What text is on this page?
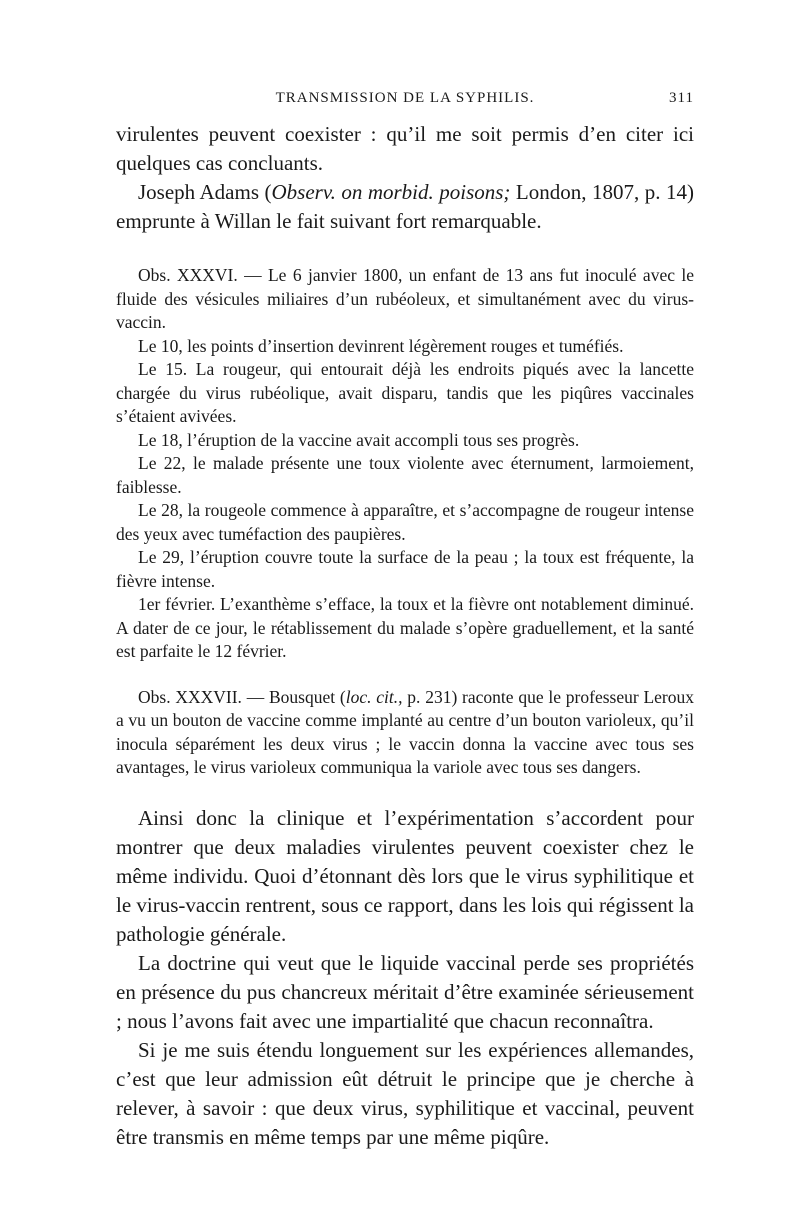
TRANSMISSION DE LA SYPHILIS.	311

virulentes peuvent coexister : qu’il me soit permis d’en citer ici quelques cas concluants.

Joseph Adams (Observ. on morbid. poisons; London, 1807, p. 14) emprunte à Willan le fait suivant fort remarquable.

Obs. XXXVI. — Le 6 janvier 1800, un enfant de 13 ans fut inoculé avec le fluide des vésicules miliaires d’un rubéoleux, et simultanément avec du virus-vaccin.

Le 10, les points d’insertion devinrent légèrement rouges et tuméfiés.

Le 15. La rougeur, qui entourait déjà les endroits piqués avec la lancette chargée du virus rubéolique, avait disparu, tandis que les piqûres vaccinales s’étaient avivées.

Le 18, l’éruption de la vaccine avait accompli tous ses progrès.

Le 22, le malade présente une toux violente avec éternument, larmoiement, faiblesse.

Le 28, la rougeole commence à apparaître, et s’accompagne de rougeur intense des yeux avec tuméfaction des paupières.

Le 29, l’éruption couvre toute la surface de la peau ; la toux est fréquente, la fièvre intense.

1er février. L’exanthème s’efface, la toux et la fièvre ont notablement diminué. A dater de ce jour, le rétablissement du malade s’opère graduellement, et la santé est parfaite le 12 février.

Obs. XXXVII. — Bousquet (loc. cit., p. 231) raconte que le professeur Leroux a vu un bouton de vaccine comme implanté au centre d’un bouton varioleux, qu’il inocula séparément les deux virus ; le vaccin donna la vaccine avec tous ses avantages, le virus varioleux communiqua la variole avec tous ses dangers.

Ainsi donc la clinique et l’expérimentation s’accordent pour montrer que deux maladies virulentes peuvent coexister chez le même individu. Quoi d’étonnant dès lors que le virus syphilitique et le virus-vaccin rentrent, sous ce rapport, dans les lois qui régissent la pathologie générale.

La doctrine qui veut que le liquide vaccinal perde ses propriétés en présence du pus chancreux méritait d’être examinée sérieusement ; nous l’avons fait avec une impartialité que chacun reconnaîtra.

Si je me suis étendu longuement sur les expériences allemandes, c’est que leur admission eût détruit le principe que je cherche à relever, à savoir : que deux virus, syphilitique et vaccinal, peuvent être transmis en même temps par une même piqûre.
